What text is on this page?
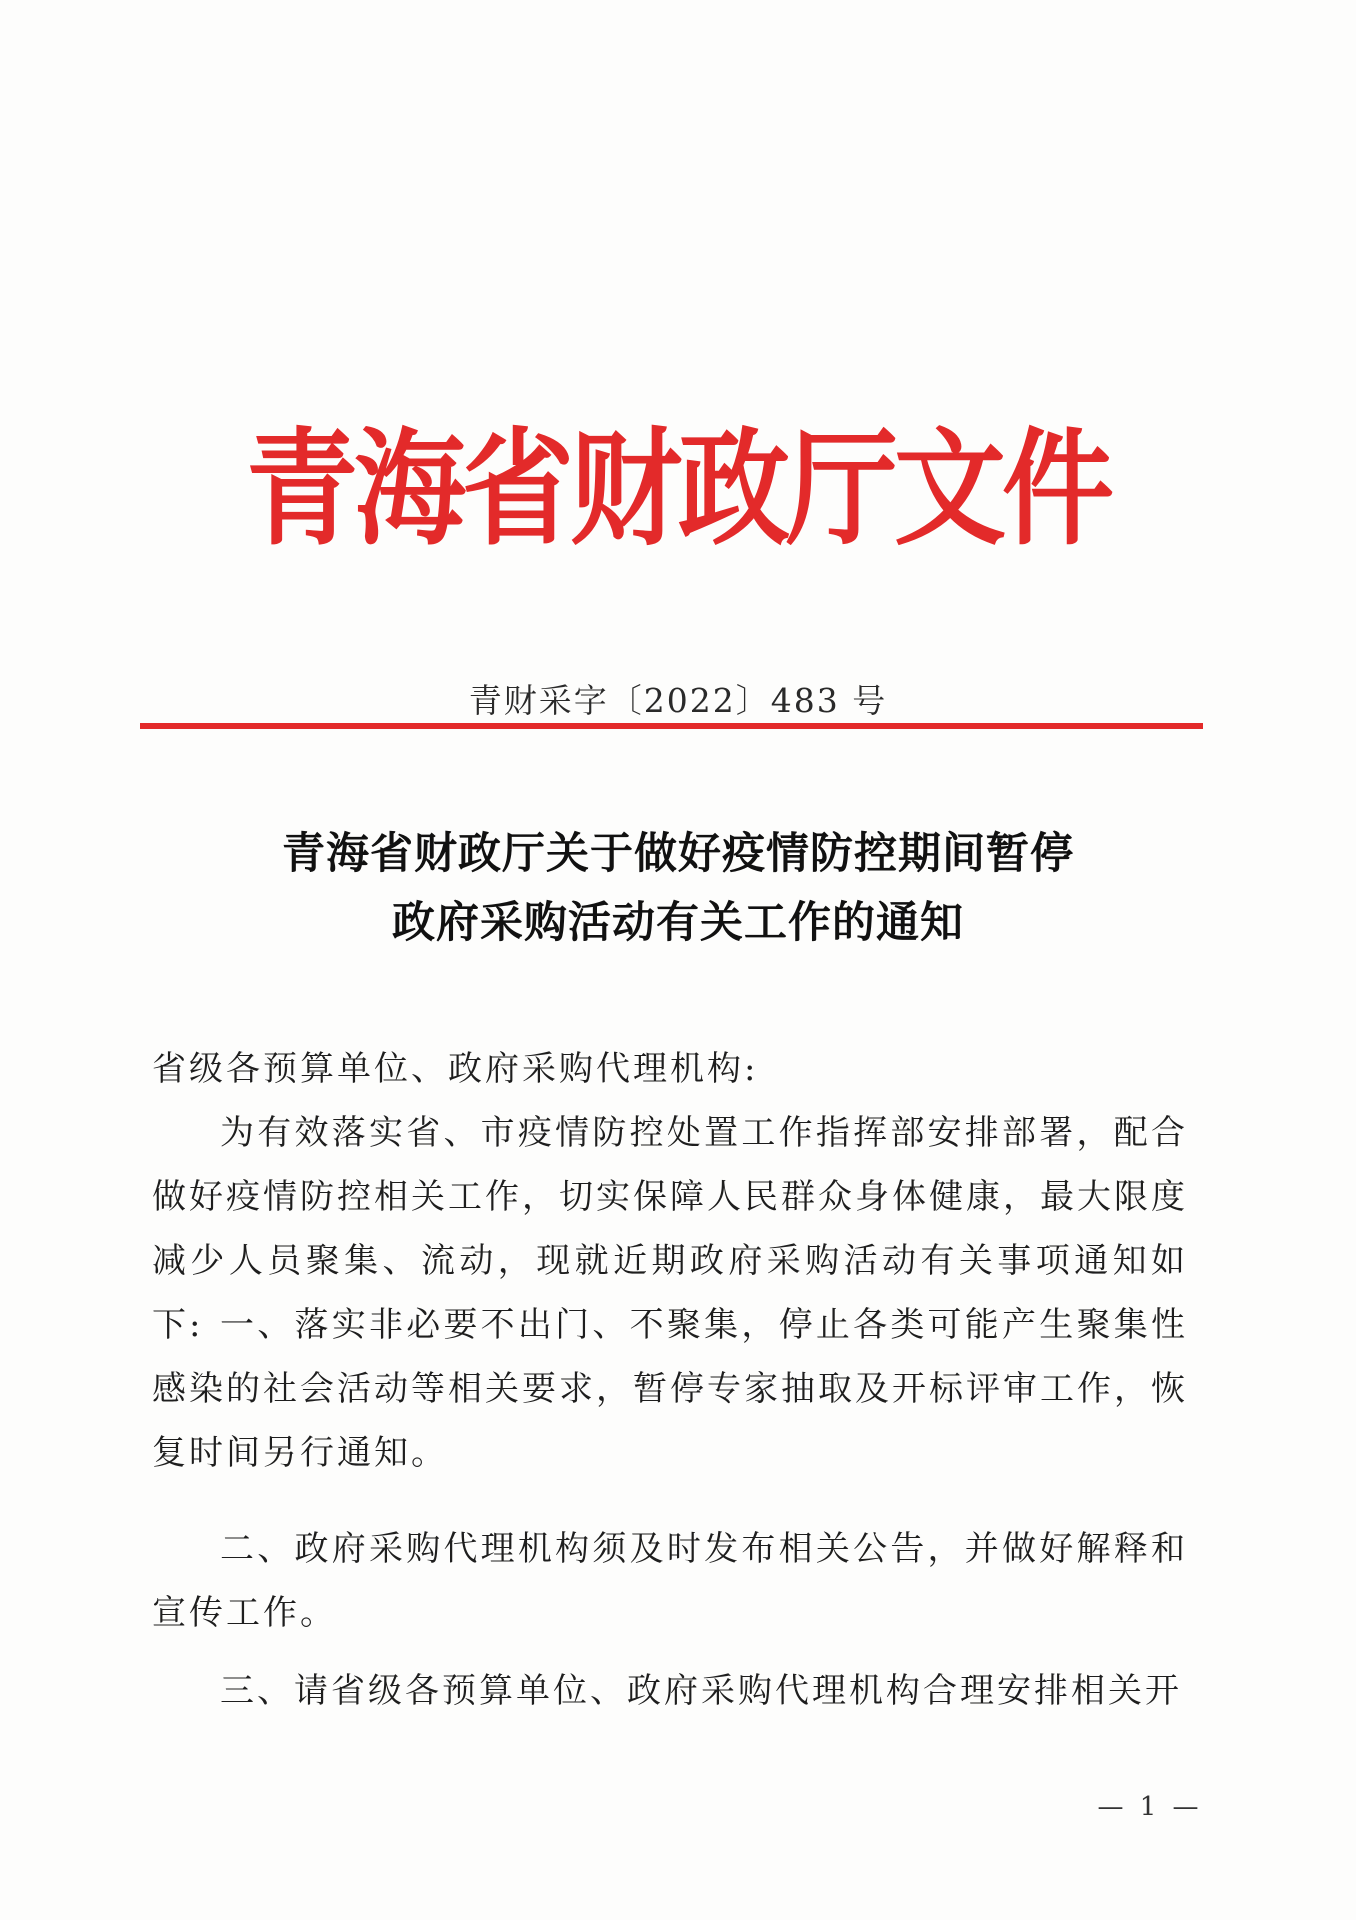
青海省财政厅文件
青财采字〔2022〕483 号
青海省财政厅关于做好疫情防控期间暂停
政府采购活动有关工作的通知
省级各预算单位、政府采购代理机构:
为有效落实省、市疫情防控处置工作指挥部安排部署，配合做好疫情防控相关工作，切实保障人民群众身体健康，最大限度减少人员聚集、流动，现就近期政府采购活动有关事项通知如下: 一、落实非必要不出门、不聚集，停止各类可能产生聚集性感染的社会活动等相关要求，暂停专家抽取及开标评审工作，恢复时间另行通知。
二、政府采购代理机构须及时发布相关公告，并做好解释和宣传工作。
三、请省级各预算单位、政府采购代理机构合理安排相关开
— 1 —
